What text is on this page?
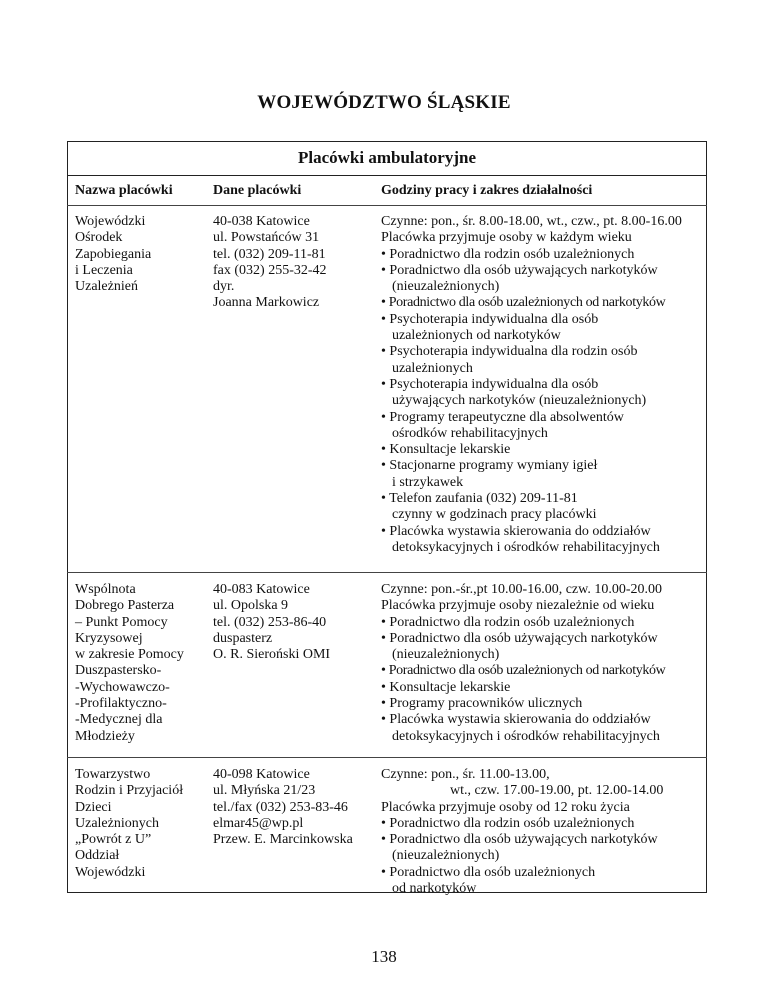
WOJEWÓDZTWO ŚLĄSKIE
Placówki ambulatoryjne
Nazwa placówki	Dane placówki	Godziny pracy i zakres działalności
Wojewódzki
Ośrodek
Zapobiegania
i Leczenia
Uzależnień
40-038 Katowice
ul. Powstańców 31
tel. (032) 209-11-81
fax (032) 255-32-42
dyr.
Joanna Markowicz
Czynne: pon., śr. 8.00-18.00, wt., czw., pt. 8.00-16.00
Placówka przyjmuje osoby w każdym wieku
• Poradnictwo dla rodzin osób uzależnionych
• Poradnictwo dla osób używających narkotyków
(nieuzależnionych)
• Poradnictwo dla osób uzależnionych od narkotyków
• Psychoterapia indywidualna dla osób
uzależnionych od narkotyków
• Psychoterapia indywidualna dla rodzin osób
uzależnionych
• Psychoterapia indywidualna dla osób
używających narkotyków (nieuzależnionych)
• Programy terapeutyczne dla absolwentów
ośrodków rehabilitacyjnych
• Konsultacje lekarskie
• Stacjonarne programy wymiany igieł
i strzykawek
• Telefon zaufania (032) 209-11-81
czynny w godzinach pracy placówki
• Placówka wystawia skierowania do oddziałów
detoksykacyjnych i ośrodków rehabilitacyjnych
Wspólnota
Dobrego Pasterza
– Punkt Pomocy
Kryzysowej
w zakresie Pomocy
Duszpastersko-
-Wychowawczo-
-Profilaktyczno-
-Medycznej dla
Młodzieży
40-083 Katowice
ul. Opolska 9
tel. (032) 253-86-40
duspasterz
O. R. Sieroński OMI
Czynne: pon.-śr.,pt 10.00-16.00, czw. 10.00-20.00
Placówka przyjmuje osoby niezależnie od wieku
• Poradnictwo dla rodzin osób uzależnionych
• Poradnictwo dla osób używających narkotyków
(nieuzależnionych)
• Poradnictwo dla osób uzależnionych od narkotyków
• Konsultacje lekarskie
• Programy pracowników ulicznych
• Placówka wystawia skierowania do oddziałów
detoksykacyjnych i ośrodków rehabilitacyjnych
Towarzystwo
Rodzin i Przyjaciół
Dzieci
Uzależnionych
„Powrót z U”
Oddział
Wojewódzki
40-098 Katowice
ul. Młyńska 21/23
tel./fax (032) 253-83-46
elmar45@wp.pl
Przew. E. Marcinkowska
Czynne: pon., śr. 11.00-13.00,
wt., czw. 17.00-19.00, pt. 12.00-14.00
Placówka przyjmuje osoby od 12 roku życia
• Poradnictwo dla rodzin osób uzależnionych
• Poradnictwo dla osób używających narkotyków
(nieuzależnionych)
• Poradnictwo dla osób uzależnionych
od narkotyków
138
